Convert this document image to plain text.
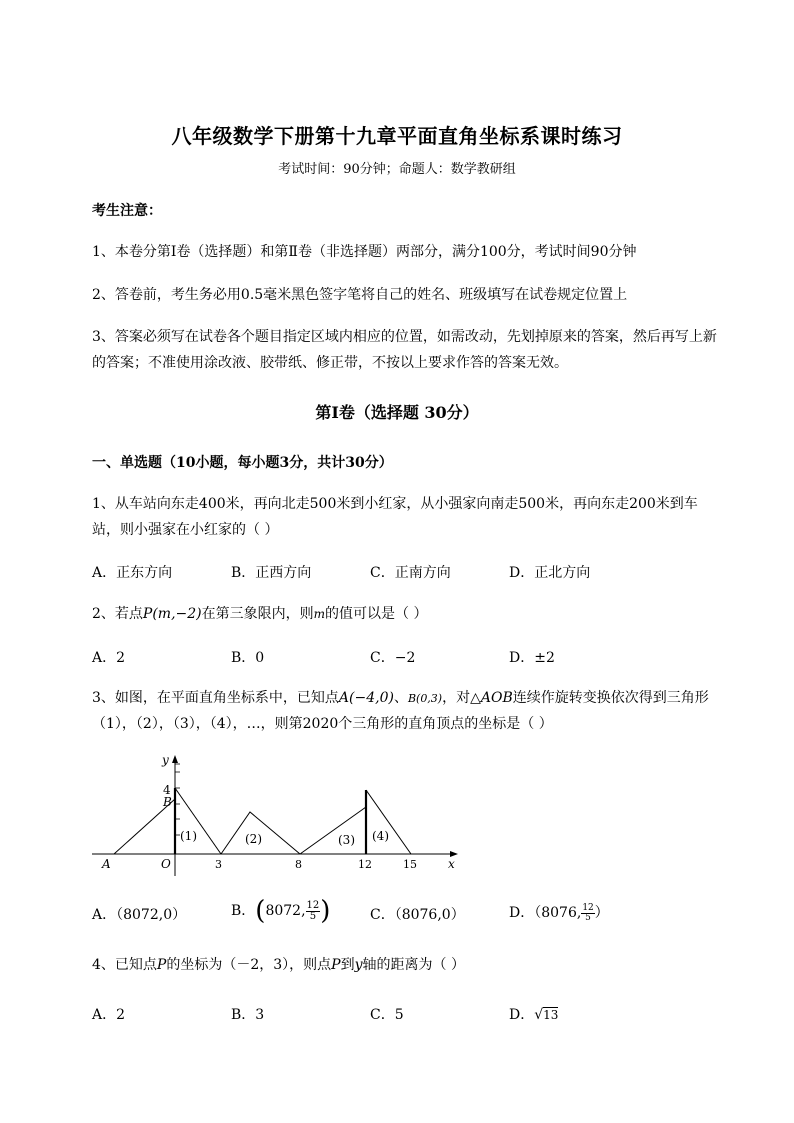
八年级数学下册第十九章平面直角坐标系课时练习
考试时间：90分钟；命题人：数学教研组
考生注意：
1、本卷分第I卷（选择题）和第Ⅱ卷（非选择题）两部分，满分100分，考试时间90分钟
2、答卷前，考生务必用0.5毫米黑色签字笔将自己的姓名、班级填写在试卷规定位置上
3、答案必须写在试卷各个题目指定区域内相应的位置，如需改动，先划掉原来的答案，然后再写上新
的答案；不准使用涂改液、胶带纸、修正带，不按以上要求作答的答案无效。
第I卷（选择题 30分）
一、单选题（10小题，每小题3分，共计30分）
1、从车站向东走400米，再向北走500米到小红家，从小强家向南走500米，再向东走200米到车
站，则小强家在小红家的（ ）
A．正东方向	B．正西方向	C．正南方向	D．正北方向
2、若点P(m,−2)在第三象限内，则m的值可以是（ ）
A．2	B．0	C．−2	D．±2
3、如图，在平面直角坐标系中，已知点A(−4,0)、B(0,3)，对△AOB连续作旋转变换依次得到三角形
（1），（2），（3），（4），…，则第2020个三角形的直角顶点的坐标是（ ）
y
x
4
A	O
B
3	8	12	15
(1)	(2)	(3) (4)
A．（8072,0）	B．(8072, $\frac{12}{5}$ )	C．（8076,0）	D．（8076, $\frac{12}{5}$ ）
4、已知点P的坐标为（－2，3），则点P到y轴的距离为（ ）
A．2	B．3	C．5	D．√13
